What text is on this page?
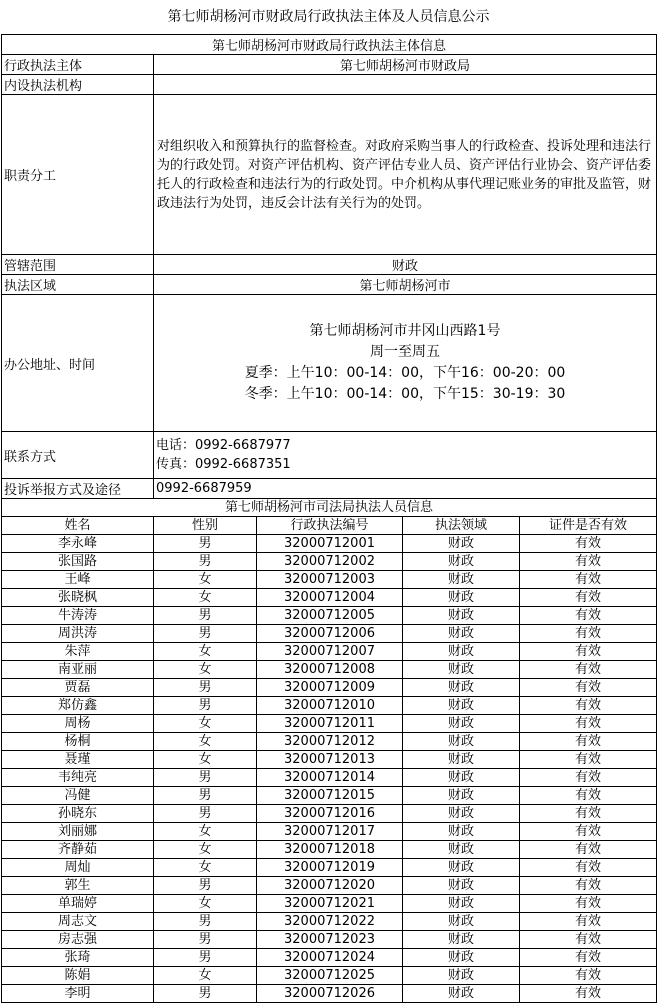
第七师胡杨河市财政局行政执法主体及人员信息公示
第七师胡杨河市财政局行政执法主体信息	
行政执法主体	第七师胡杨河市财政局
内设执法机构	
职责分工	对组织收入和预算执行的监督检查。对政府采购当事人的行政检查、投诉处理和违法行为的行政处罚。对资产评估机构、资产评估专业人员、资产评估行业协会、资产评估委托人的行政检查和违法行为的行政处罚。中介机构从事代理记账业务的审批及监管，财政违法行为处罚，违反会计法有关行为的处罚。
管辖范围	财政
执法区域	第七师胡杨河市
办公地址、时间	第七师胡杨河市井冈山西路1号
周一至周五
夏季：上午10：00-14：00，下午16：00-20：00
冬季：上午10：00-14：00，下午15：30-19：30

联系方式	电话：0992-6687977
传真：0992-6687351

投诉举报方式及途径	0992-6687959
第七师胡杨河市司法局执法人员信息				
姓名	性别	行政执法编号	执法领域	证件是否有效
李永峰	男	32000712001	财政	有效
张国路	男	32000712002	财政	有效
王峰	女	32000712003	财政	有效
张晓枫	女	32000712004	财政	有效
牛涛涛	男	32000712005	财政	有效
周洪涛	男	32000712006	财政	有效
朱萍	女	32000712007	财政	有效
南亚丽	女	32000712008	财政	有效
贾磊	男	32000712009	财政	有效
郑仿鑫	男	32000712010	财政	有效
周杨	女	32000712011	财政	有效
杨桐	女	32000712012	财政	有效
聂瑾	女	32000712013	财政	有效
韦纯亮	男	32000712014	财政	有效
冯健	男	32000712015	财政	有效
孙晓东	男	32000712016	财政	有效
刘丽娜	女	32000712017	财政	有效
齐静茹	女	32000712018	财政	有效
周灿	女	32000712019	财政	有效
郭生	男	32000712020	财政	有效
单瑞婷	女	32000712021	财政	有效
周志文	男	32000712022	财政	有效
房志强	男	32000712023	财政	有效
张琦	男	32000712024	财政	有效
陈娟	女	32000712025	财政	有效
李明	男	32000712026	财政	有效
